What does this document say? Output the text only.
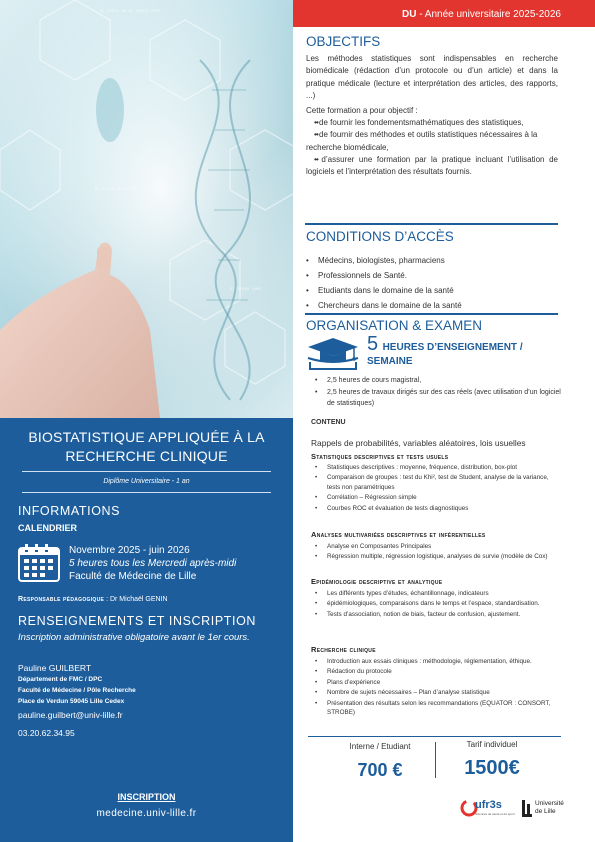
ST DYDVA %A ML ENDOR COOR
NF-D EXE 0% 5T 1%
ST DYDVA LONE
BIOSTATISTIQUE APPLIQUÉE À LA RECHERCHE CLINIQUE
Diplôme Universitaire - 1 an
INFORMATIONS
CALENDRIER
Novembre 2025 - juin 2026
5 heures tous les Mercredi après-midi
Faculté de Médecine de Lille
Responsable pédagogique : Dr Michaël GENIN
RENSEIGNEMENTS ET INSCRIPTION
Inscription administrative obligatoire avant le 1er cours.
Pauline GUILBERT
Département de FMC / DPC
Faculté de Médecine / Pôle Recherche
Place de Verdun 59045 Lille Cedex
pauline.guilbert@univ-lille.fr
03.20.62.34.95
INSCRIPTION
medecine.univ-lille.fr
DU - Année universitaire 2025-2026
OBJECTIFS
Les méthodes statistiques sont indispensables en recherche biomédicale (rédaction d’un protocole ou d’un article) et dans la pratique médicale (lecture et interprétation des articles, des rapports, ...)
Cette formation a pour objectif :
• • de fournir les fondementsmathématiques des statistiques,
• • de fournir des méthodes et outils statistiques nécessaires à la recherche biomédicale,
• • d’assurer une formation par la pratique incluant l’utilisation de logiciels et l’interprétation des résultats fournis.
CONDITIONS D’ACCÈS
• Médecins, biologistes, pharmaciens
• Professionnels de Santé.
• Etudiants dans le domaine de la santé
• Chercheurs dans le domaine de la santé
ORGANISATION & EXAMEN
5 HEURES D’ENSEIGNEMENT / SEMAINE
• 2,5 heures de cours magistral,
• 2,5 heures de travaux dirigés sur des cas réels (avec utilisation d’un logiciel de statistiques)
CONTENU
Rappels de probabilités, variables aléatoires, lois usuelles
Statistiques descriptives et tests usuels
• Statistiques descriptives : moyenne, fréquence, distribution, box-plot
• Comparaison de groupes : test du Khi², test de Student, analyse de la variance, tests non paramétriques
• Corrélation – Régression simple
• Courbes ROC et évaluation de tests diagnostiques
Analyses multivariées descriptives et inférentielles
• Analyse en Composantes Principales
• Régression multiple, régression logistique, analyses de survie (modèle de Cox)
Epidémiologie descriptive et analytique
• Les différents types d’études, échantillonnage, indicateurs
• épidémiologiques, comparaisons dans le temps et l’espace, standardisation.
• Tests d’association, notion de biais, facteur de confusion, ajustement.
Recherche clinique
• Introduction aux essais cliniques : méthodologie, réglementation, éthique.
• Rédaction du protocole
• Plans d’expérience
• Nombre de sujets nécessaires – Plan d’analyse statistique
• Présentation des résultats selon les recommandations (EQUATOR : CONSORT, STROBE)
Interne / Etudiant
700 €
Tarif individuel
1500€
ufr3s
Sciences de santé et du sport
Université de Lille
